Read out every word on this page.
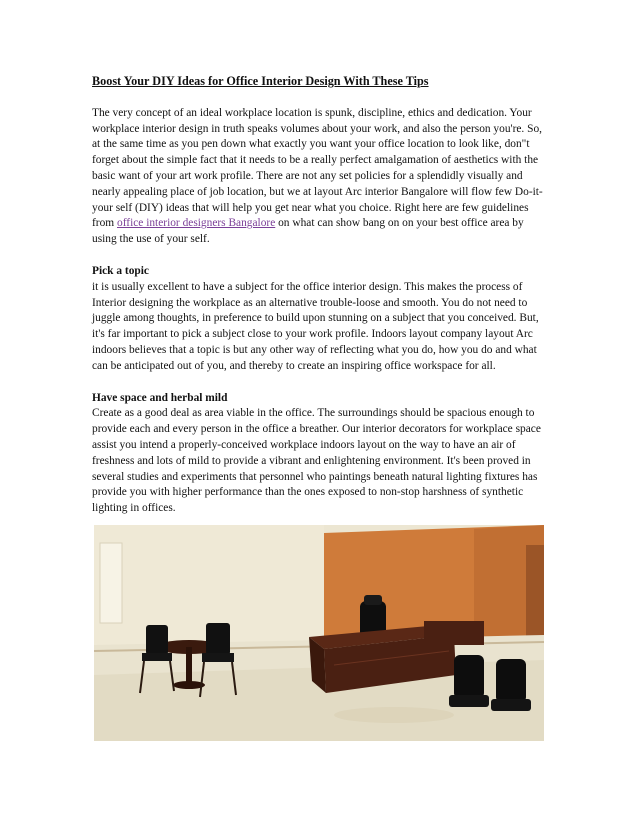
Boost Your DIY Ideas for Office Interior Design With These Tips

The very concept of an ideal workplace location is spunk, discipline, ethics and dedication. Your workplace interior design in truth speaks volumes about your work, and also the person you're. So, at the same time as you pen down what exactly you want your office location to look like, don"t forget about the simple fact that it needs to be a really perfect amalgamation of aesthetics with the basic want of your art work profile. There are not any set policies for a splendidly visually and nearly appealing place of job location, but we at layout Arc interior Bangalore will flow few Do-it-your self (DIY) ideas that will help you get near what you choice. Right here are few guidelines from office interior designers Bangalore on what can show bang on on your best office area by using the use of your self.

Pick a topic

it is usually excellent to have a subject for the office interior design. This makes the process of Interior designing the workplace as an alternative trouble-loose and smooth. You do not need to juggle among thoughts, in preference to build upon stunning on a subject that you conceived. But, it's far important to pick a subject close to your work profile. Indoors layout company layout Arc indoors believes that a topic is but any other way of reflecting what you do, how you do and what can be anticipated out of you, and thereby to create an inspiring office workspace for all.

Have space and herbal mild

Create as a good deal as area viable in the office. The surroundings should be spacious enough to provide each and every person in the office a breather. Our interior decorators for workplace space assist you intend a properly-conceived workplace indoors layout on the way to have an air of freshness and lots of mild to provide a vibrant and enlightening environment. It's been proved in several studies and experiments that personnel who paintings beneath natural lighting fixtures has provide you with higher performance than the ones exposed to non-stop harshness of synthetic lighting in offices.
